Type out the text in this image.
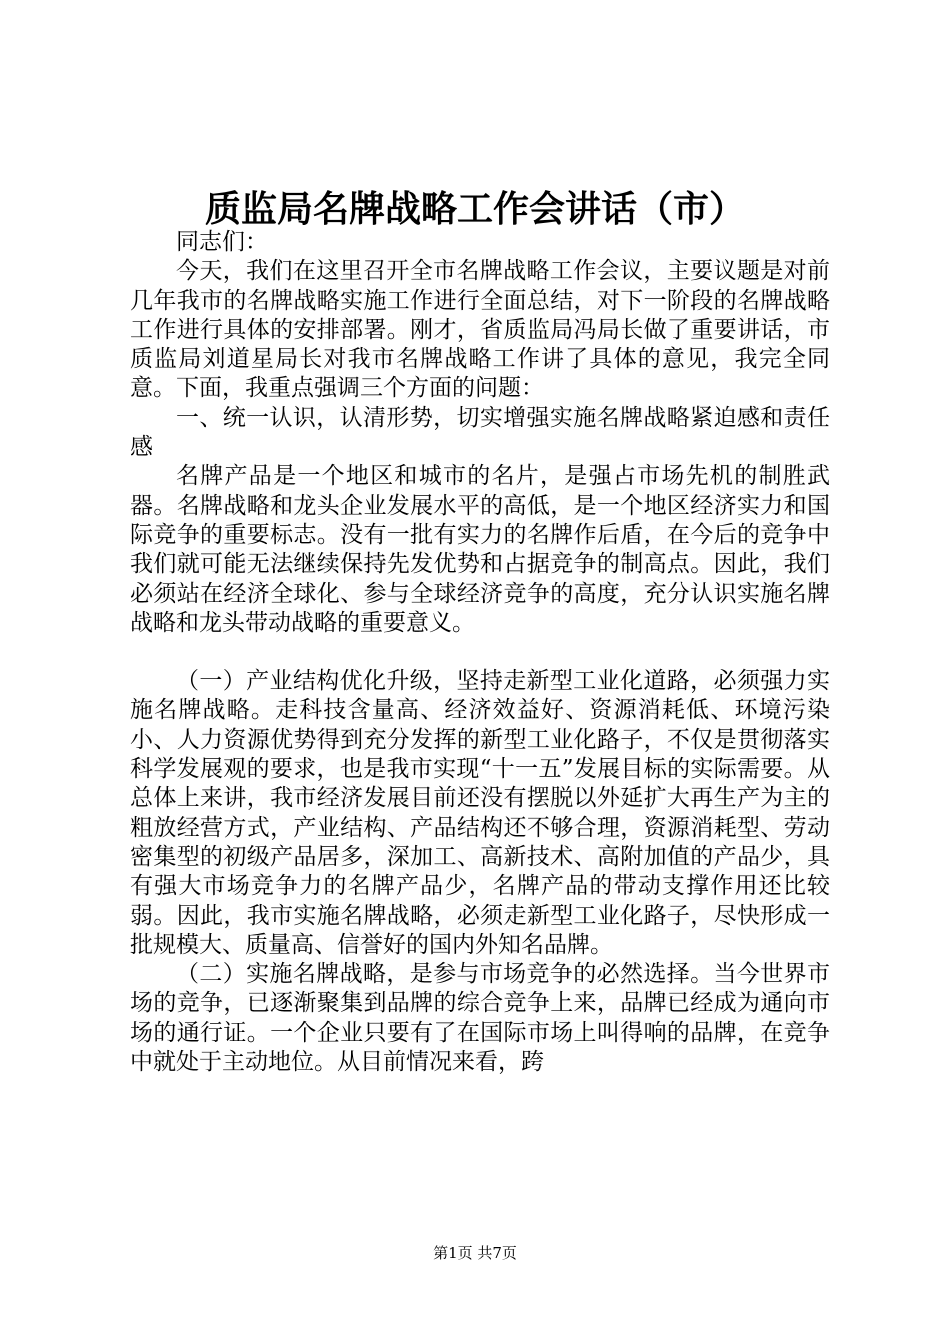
质监局名牌战略工作会讲话（市）

同志们：

今天，我们在这里召开全市名牌战略工作会议，主要议题是对前几年我市的名牌战略实施工作进行全面总结，对下一阶段的名牌战略工作进行具体的安排部署。刚才，省质监局冯局长做了重要讲话，市质监局刘道星局长对我市名牌战略工作讲了具体的意见，我完全同意。下面，我重点强调三个方面的问题：

一、统一认识，认清形势，切实增强实施名牌战略紧迫感和责任感

名牌产品是一个地区和城市的名片，是强占市场先机的制胜武器。名牌战略和龙头企业发展水平的高低，是一个地区经济实力和国际竞争的重要标志。没有一批有实力的名牌作后盾，在今后的竞争中我们就可能无法继续保持先发优势和占据竞争的制高点。因此，我们必须站在经济全球化、参与全球经济竞争的高度，充分认识实施名牌战略和龙头带动战略的重要意义。

（一）产业结构优化升级，坚持走新型工业化道路，必须强力实施名牌战略。走科技含量高、经济效益好、资源消耗低、环境污染小、人力资源优势得到充分发挥的新型工业化路子，不仅是贯彻落实科学发展观的要求，也是我市实现“十一五”发展目标的实际需要。从总体上来讲，我市经济发展目前还没有摆脱以外延扩大再生产为主的粗放经营方式，产业结构、产品结构还不够合理，资源消耗型、劳动密集型的初级产品居多，深加工、高新技术、高附加值的产品少，具有强大市场竞争力的名牌产品少，名牌产品的带动支撑作用还比较弱。因此，我市实施名牌战略，必须走新型工业化路子，尽快形成一批规模大、质量高、信誉好的国内外知名品牌。

（二）实施名牌战略，是参与市场竞争的必然选择。当今世界市场的竞争，已逐渐聚集到品牌的综合竞争上来，品牌已经成为通向市场的通行证。一个企业只要有了在国际市场上叫得响的品牌，在竞争中就处于主动地位。从目前情况来看，跨

第1页 共7页
